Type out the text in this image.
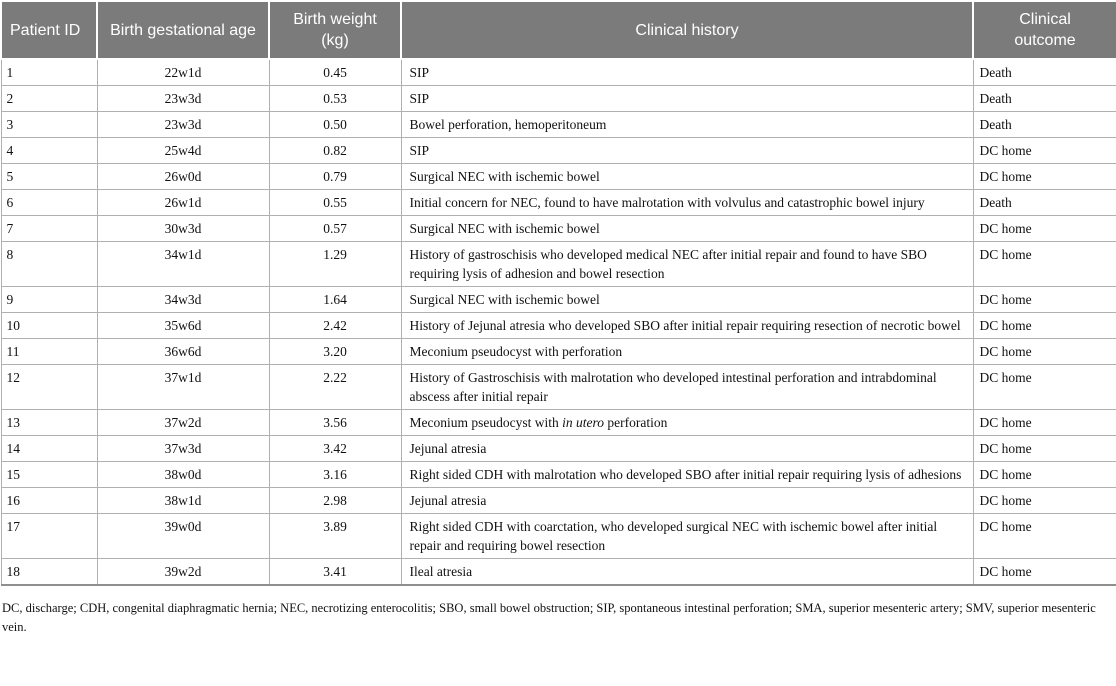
Patient ID	Birth gestational age	Birth weight (kg)	Clinical history	Clinical outcome
1	22w1d	0.45	SIP	Death
2	23w3d	0.53	SIP	Death
3	23w3d	0.50	Bowel perforation, hemoperitoneum	Death
4	25w4d	0.82	SIP	DC home
5	26w0d	0.79	Surgical NEC with ischemic bowel	DC home
6	26w1d	0.55	Initial concern for NEC, found to have malrotation with volvulus and catastrophic bowel injury	Death
7	30w3d	0.57	Surgical NEC with ischemic bowel	DC home
8	34w1d	1.29	History of gastroschisis who developed medical NEC after initial repair and found to have SBO requiring lysis of adhesion and bowel resection	DC home
9	34w3d	1.64	Surgical NEC with ischemic bowel	DC home
10	35w6d	2.42	History of Jejunal atresia who developed SBO after initial repair requiring resection of necrotic bowel	DC home
11	36w6d	3.20	Meconium pseudocyst with perforation	DC home
12	37w1d	2.22	History of Gastroschisis with malrotation who developed intestinal perforation and intrabdominal abscess after initial repair	DC home
13	37w2d	3.56	Meconium pseudocyst with in utero perforation	DC home
14	37w3d	3.42	Jejunal atresia	DC home
15	38w0d	3.16	Right sided CDH with malrotation who developed SBO after initial repair requiring lysis of adhesions	DC home
16	38w1d	2.98	Jejunal atresia	DC home
17	39w0d	3.89	Right sided CDH with coarctation, who developed surgical NEC with ischemic bowel after initial repair and requiring bowel resection	DC home
18	39w2d	3.41	Ileal atresia	DC home

DC, discharge; CDH, congenital diaphragmatic hernia; NEC, necrotizing enterocolitis; SBO, small bowel obstruction; SIP, spontaneous intestinal perforation; SMA, superior mesenteric artery; SMV, superior mesenteric vein.
